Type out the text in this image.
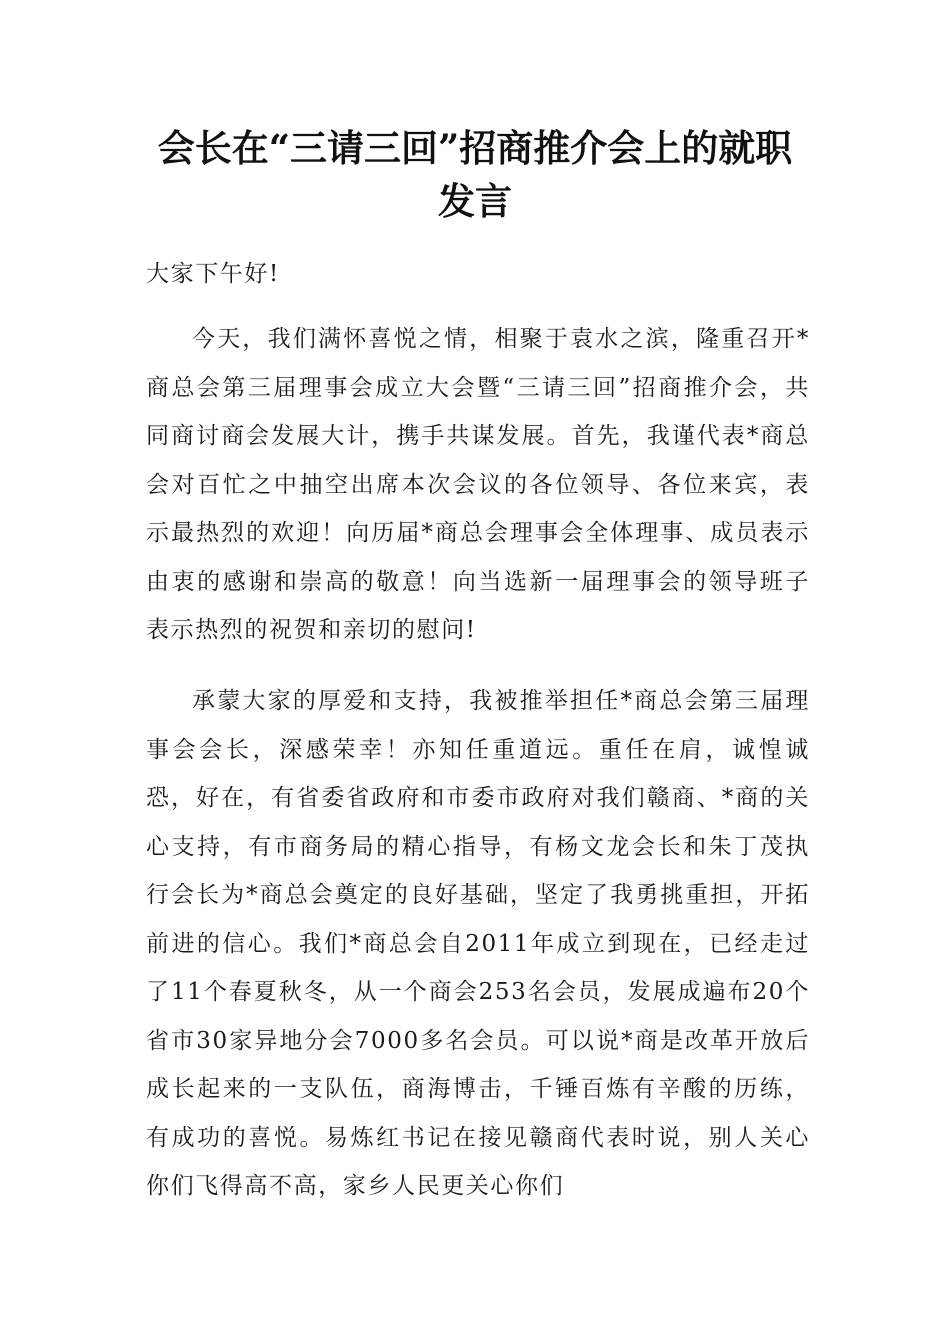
会长在“三请三回”招商推介会上的就职
发言

大家下午好!

今天，我们满怀喜悦之情，相聚于袁水之滨，隆重召开*商总会第三届理事会成立大会暨“三请三回”招商推介会，共同商讨商会发展大计，携手共谋发展。首先，我谨代表*商总会对百忙之中抽空出席本次会议的各位领导、各位来宾，表示最热烈的欢迎！向历届*商总会理事会全体理事、成员表示由衷的感谢和崇高的敬意！向当选新一届理事会的领导班子表示热烈的祝贺和亲切的慰问!

承蒙大家的厚爱和支持，我被推举担任*商总会第三届理事会会长，深感荣幸！亦知任重道远。重任在肩，诚惶诚恐，好在，有省委省政府和市委市政府对我们赣商、*商的关心支持，有市商务局的精心指导，有杨文龙会长和朱丁茂执行会长为*商总会奠定的良好基础，坚定了我勇挑重担，开拓前进的信心。我们*商总会自2011年成立到现在，已经走过了11个春夏秋冬，从一个商会253名会员，发展成遍布20个省市30家异地分会7000多名会员。可以说*商是改革开放后成长起来的一支队伍，商海博击，千锤百炼有辛酸的历练，有成功的喜悦。易炼红书记在接见赣商代表时说，别人关心你们飞得高不高，家乡人民更关心你们
